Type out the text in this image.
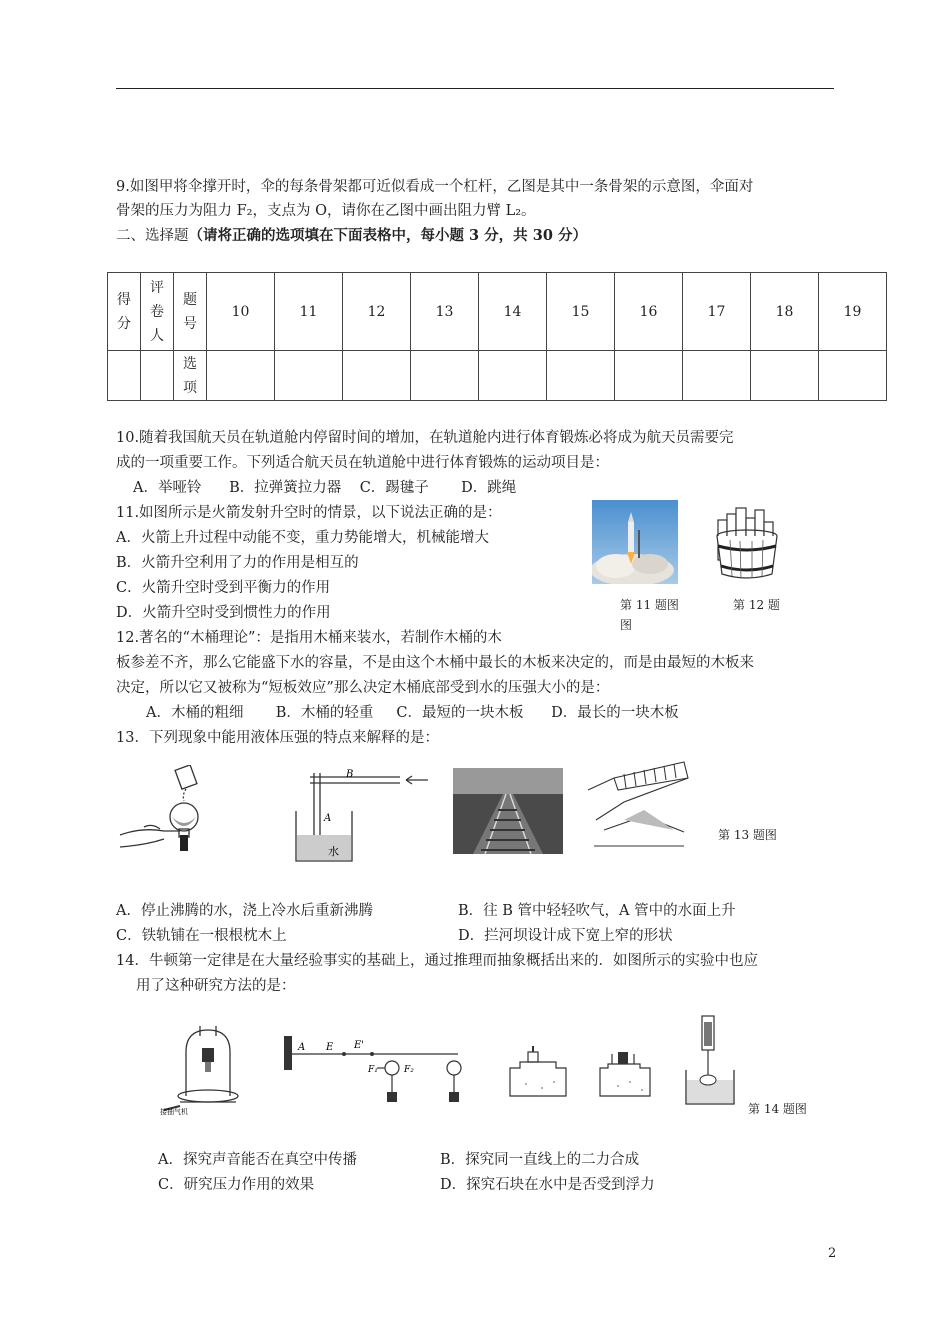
9.如图甲将伞撑开时，伞的每条骨架都可近似看成一个杠杆，乙图是其中一条骨架的示意图，伞面对
骨架的压力为阻力 F₂，支点为 O，请你在乙图中画出阻力臂 L₂。
二、选择题（请将正确的选项填在下面表格中，每小题 3 分，共 30 分）
得分	评卷人	题号	10	11	12	13	14	15	16	17	18	19
		选项										
10.随着我国航天员在轨道舱内停留时间的增加，在轨道舱内进行体育锻炼必将成为航天员需要完
成的一项重要工作。下列适合航天员在轨道舱中进行体育锻炼的运动项目是：
A．举哑铃      B．拉弹簧拉力器    C．踢毽子       D．跳绳
11.如图所示是火箭发射升空时的情景，以下说法正确的是：
A．火箭上升过程中动能不变，重力势能增大，机械能增大
B．火箭升空利用了力的作用是相互的
C．火箭升空时受到平衡力的作用
D．火箭升空时受到惯性力的作用	第 11 题图
图
第 12 题
12.著名的“木桶理论”：是指用木桶来装水，若制作木桶的木
板参差不齐，那么它能盛下水的容量，不是由这个木桶中最长的木板来决定的，而是由最短的木板来
决定，所以它又被称为“短板效应”那么决定木桶底部受到水的压强大小的是：
A．木桶的粗细       B．木桶的轻重     C．最短的一块木板      D．最长的一块木板
13．下列现象中能用液体压强的特点来解释的是：
B
A
水
第 13 题图
A．停止沸腾的水，浇上冷水后重新沸腾	B．往 B 管中轻轻吹气，A 管中的水面上升
C．铁轨铺在一根根枕木上	D．拦河坝设计成下宽上窄的形状
14．牛顿第一定律是在大量经验事实的基础上，通过推理而抽象概括出来的．如图所示的实验中也应
用了这种研究方法的是：
接抽气机
A E E'
F₁	F₂
第 14 题图
A．探究声音能否在真空中传播	B．探究同一直线上的二力合成
C．研究压力作用的效果	D．探究石块在水中是否受到浮力
2
